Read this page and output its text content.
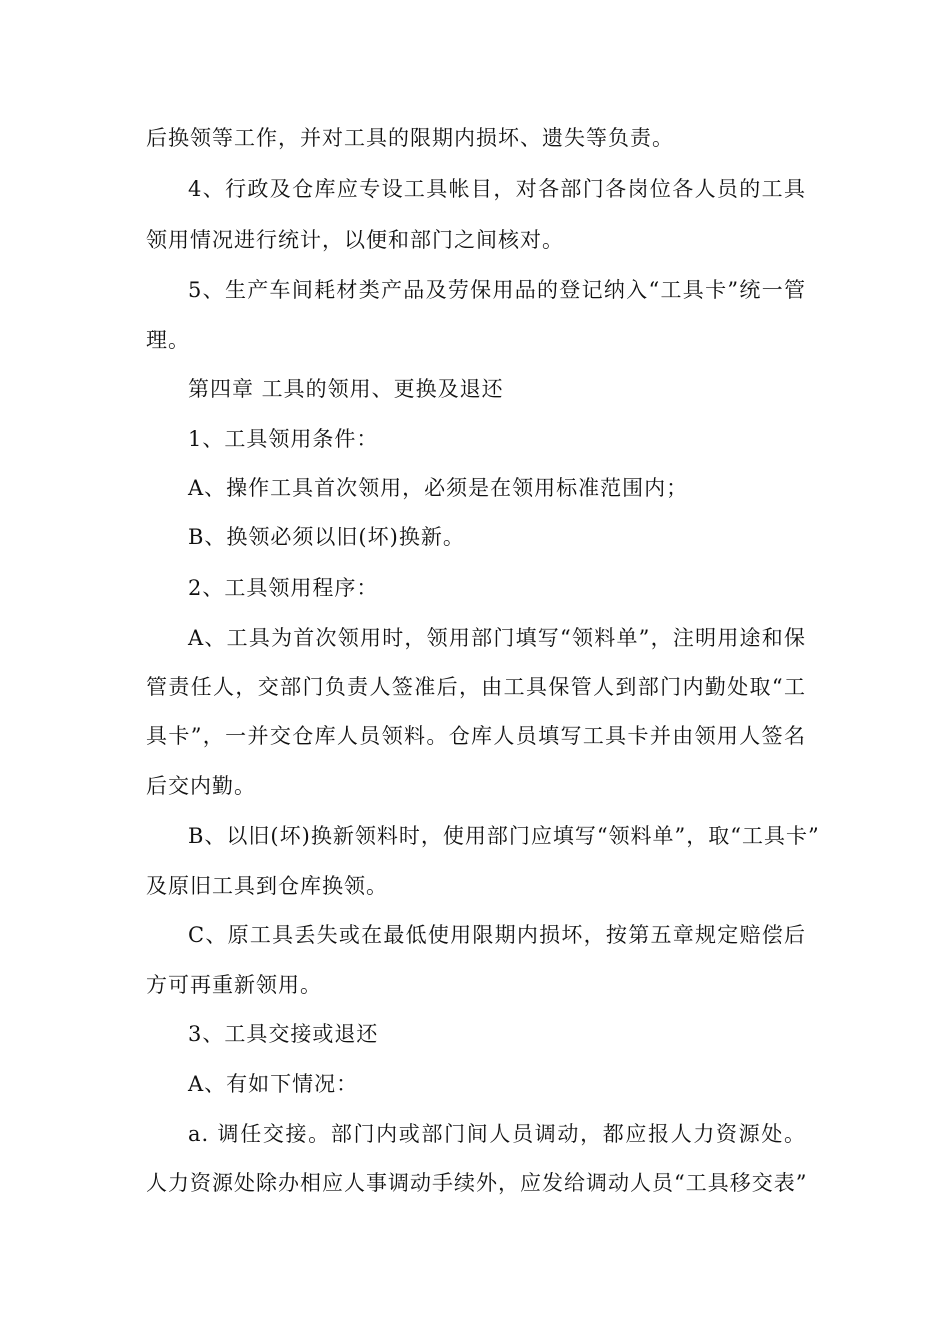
后换领等工作，并对工具的限期内损坏、遗失等负责。
4、行政及仓库应专设工具帐目，对各部门各岗位各人员的工具
领用情况进行统计，以便和部门之间核对。
5、生产车间耗材类产品及劳保用品的登记纳入“工具卡”统一管
理。
第四章 工具的领用、更换及退还
1、工具领用条件：
A、操作工具首次领用，必须是在领用标准范围内；
B、换领必须以旧(坏)换新。
2、工具领用程序：
A、工具为首次领用时，领用部门填写“领料单”，注明用途和保
管责任人，交部门负责人签准后，由工具保管人到部门内勤处取“工
具卡”，一并交仓库人员领料。仓库人员填写工具卡并由领用人签名
后交内勤。
B、以旧(坏)换新领料时，使用部门应填写“领料单”，取“工具卡”
及原旧工具到仓库换领。
C、原工具丢失或在最低使用限期内损坏，按第五章规定赔偿后
方可再重新领用。
3、工具交接或退还
A、有如下情况：
a. 调任交接。部门内或部门间人员调动，都应报人力资源处。
人力资源处除办相应人事调动手续外，应发给调动人员“工具移交表”
